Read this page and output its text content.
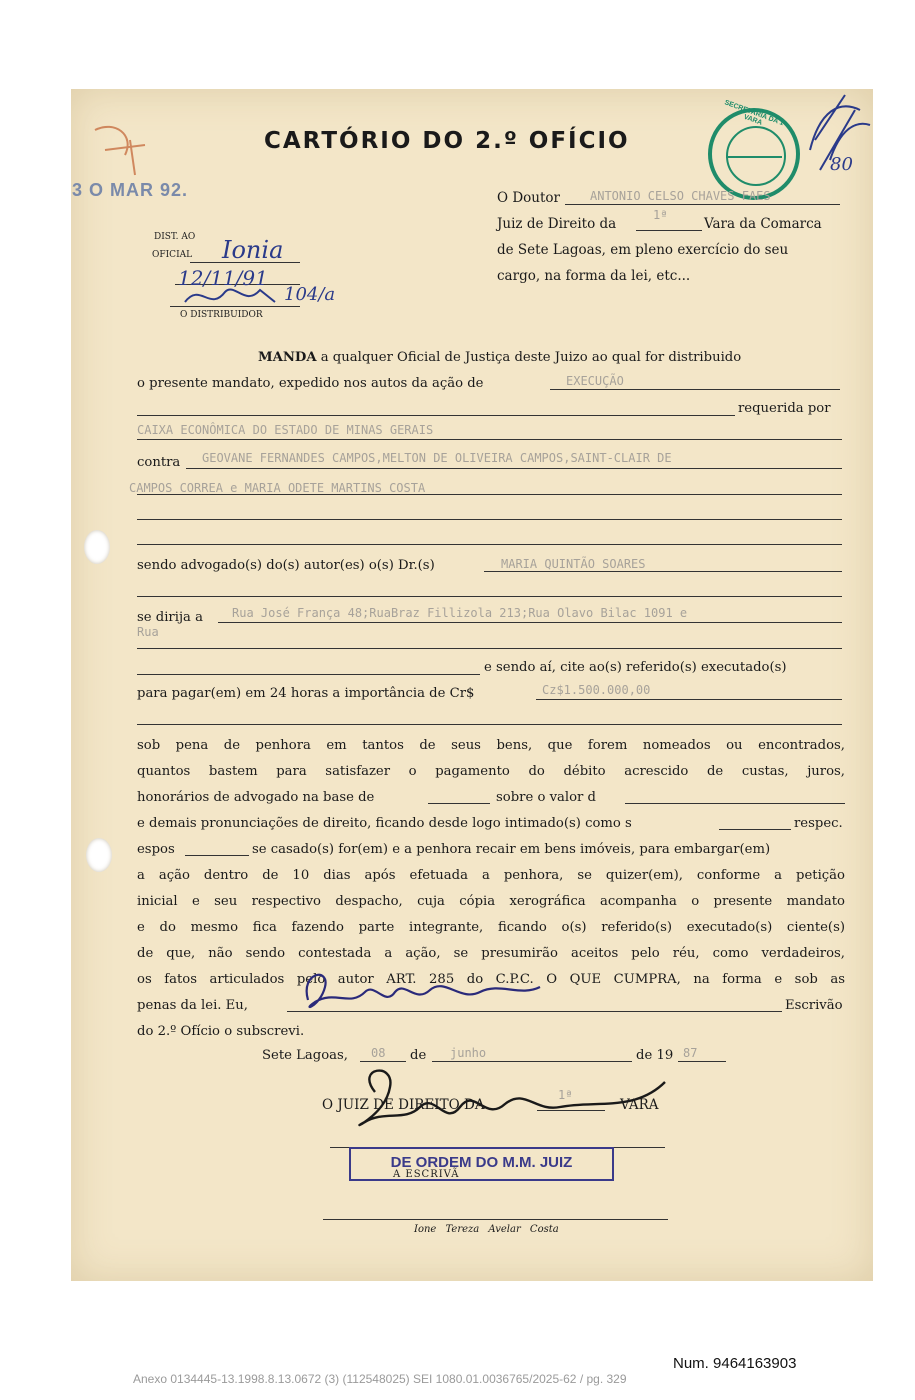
CARTÓRIO DO 2.º OFÍCIO
SECRETARIA DA 1ª VARA
80
3 O MAR 92.
DIST. AO
OFICIAL
O DISTRIBUIDOR
Ionia
12/11/91
104/a
O Doutor ANTONIO CELSO CHAVES FAES
Juiz de Direito da
1ª
Vara da Comarca
de Sete Lagoas, em pleno exercício do seu
cargo, na forma da lei, etc...
MANDA a qualquer Oficial de Justiça deste Juizo ao qual for distribuido
o presente mandato, expedido nos autos da ação de	EXECUÇÃO
requerida por
CAIXA ECONÔMICA DO ESTADO DE MINAS GERAIS
contra GEOVANE FERNANDES CAMPOS,MELTON DE OLIVEIRA CAMPOS,SAINT-CLAIR DE
CAMPOS CORREA e MARIA ODETE MARTINS COSTA
sendo advogado(s) do(s) autor(es) o(s) Dr.(s)	MARIA QUINTÃO SOARES
se dirija a Rua José França 48;RuaBraz Fillizola 213;Rua Olavo Bilac 1091 e
Rua
e sendo aí, cite ao(s) referido(s) executado(s)
para pagar(em) em 24 horas a importância de Cr$	Cz$1.500.000,00
sob pena de penhora em tantos de seus bens, que forem nomeados ou encontrados,
quantos bastem para satisfazer o pagamento do débito acrescido de custas, juros,
honorários de advogado na base de	sobre o valor d
e demais pronunciações de direito, ficando desde logo intimado(s) como s	respec.
espos	se casado(s) for(em) e a penhora recair em bens imóveis, para embargar(em)
a ação dentro de 10 dias após efetuada a penhora, se quizer(em), conforme a petição
inicial e seu respectivo despacho, cuja cópia xerográfica acompanha o presente mandato
e do mesmo fica fazendo parte integrante, ficando o(s) referido(s) executado(s) ciente(s)
de que, não sendo contestada a ação, se presumirão aceitos pelo réu, como verdadeiros,
os fatos articulados pelo autor ART. 285 do C.P.C. O QUE CUMPRA, na forma e sob as
penas da lei. Eu,	Escrivão
do 2.º Ofício o subscrevi.
Sete Lagoas, 08 de junho	de 19 87
O JUIZ DE DIREITO DA
1ª
VARA
DE ORDEM DO M.M. JUIZ
A ESCRIVÃ
Ione Tereza Avelar Costa
Num. 9464163903
Anexo 0134445-13.1998.8.13.0672 (3) (112548025) SEI 1080.01.0036765/2025-62 / pg. 329
